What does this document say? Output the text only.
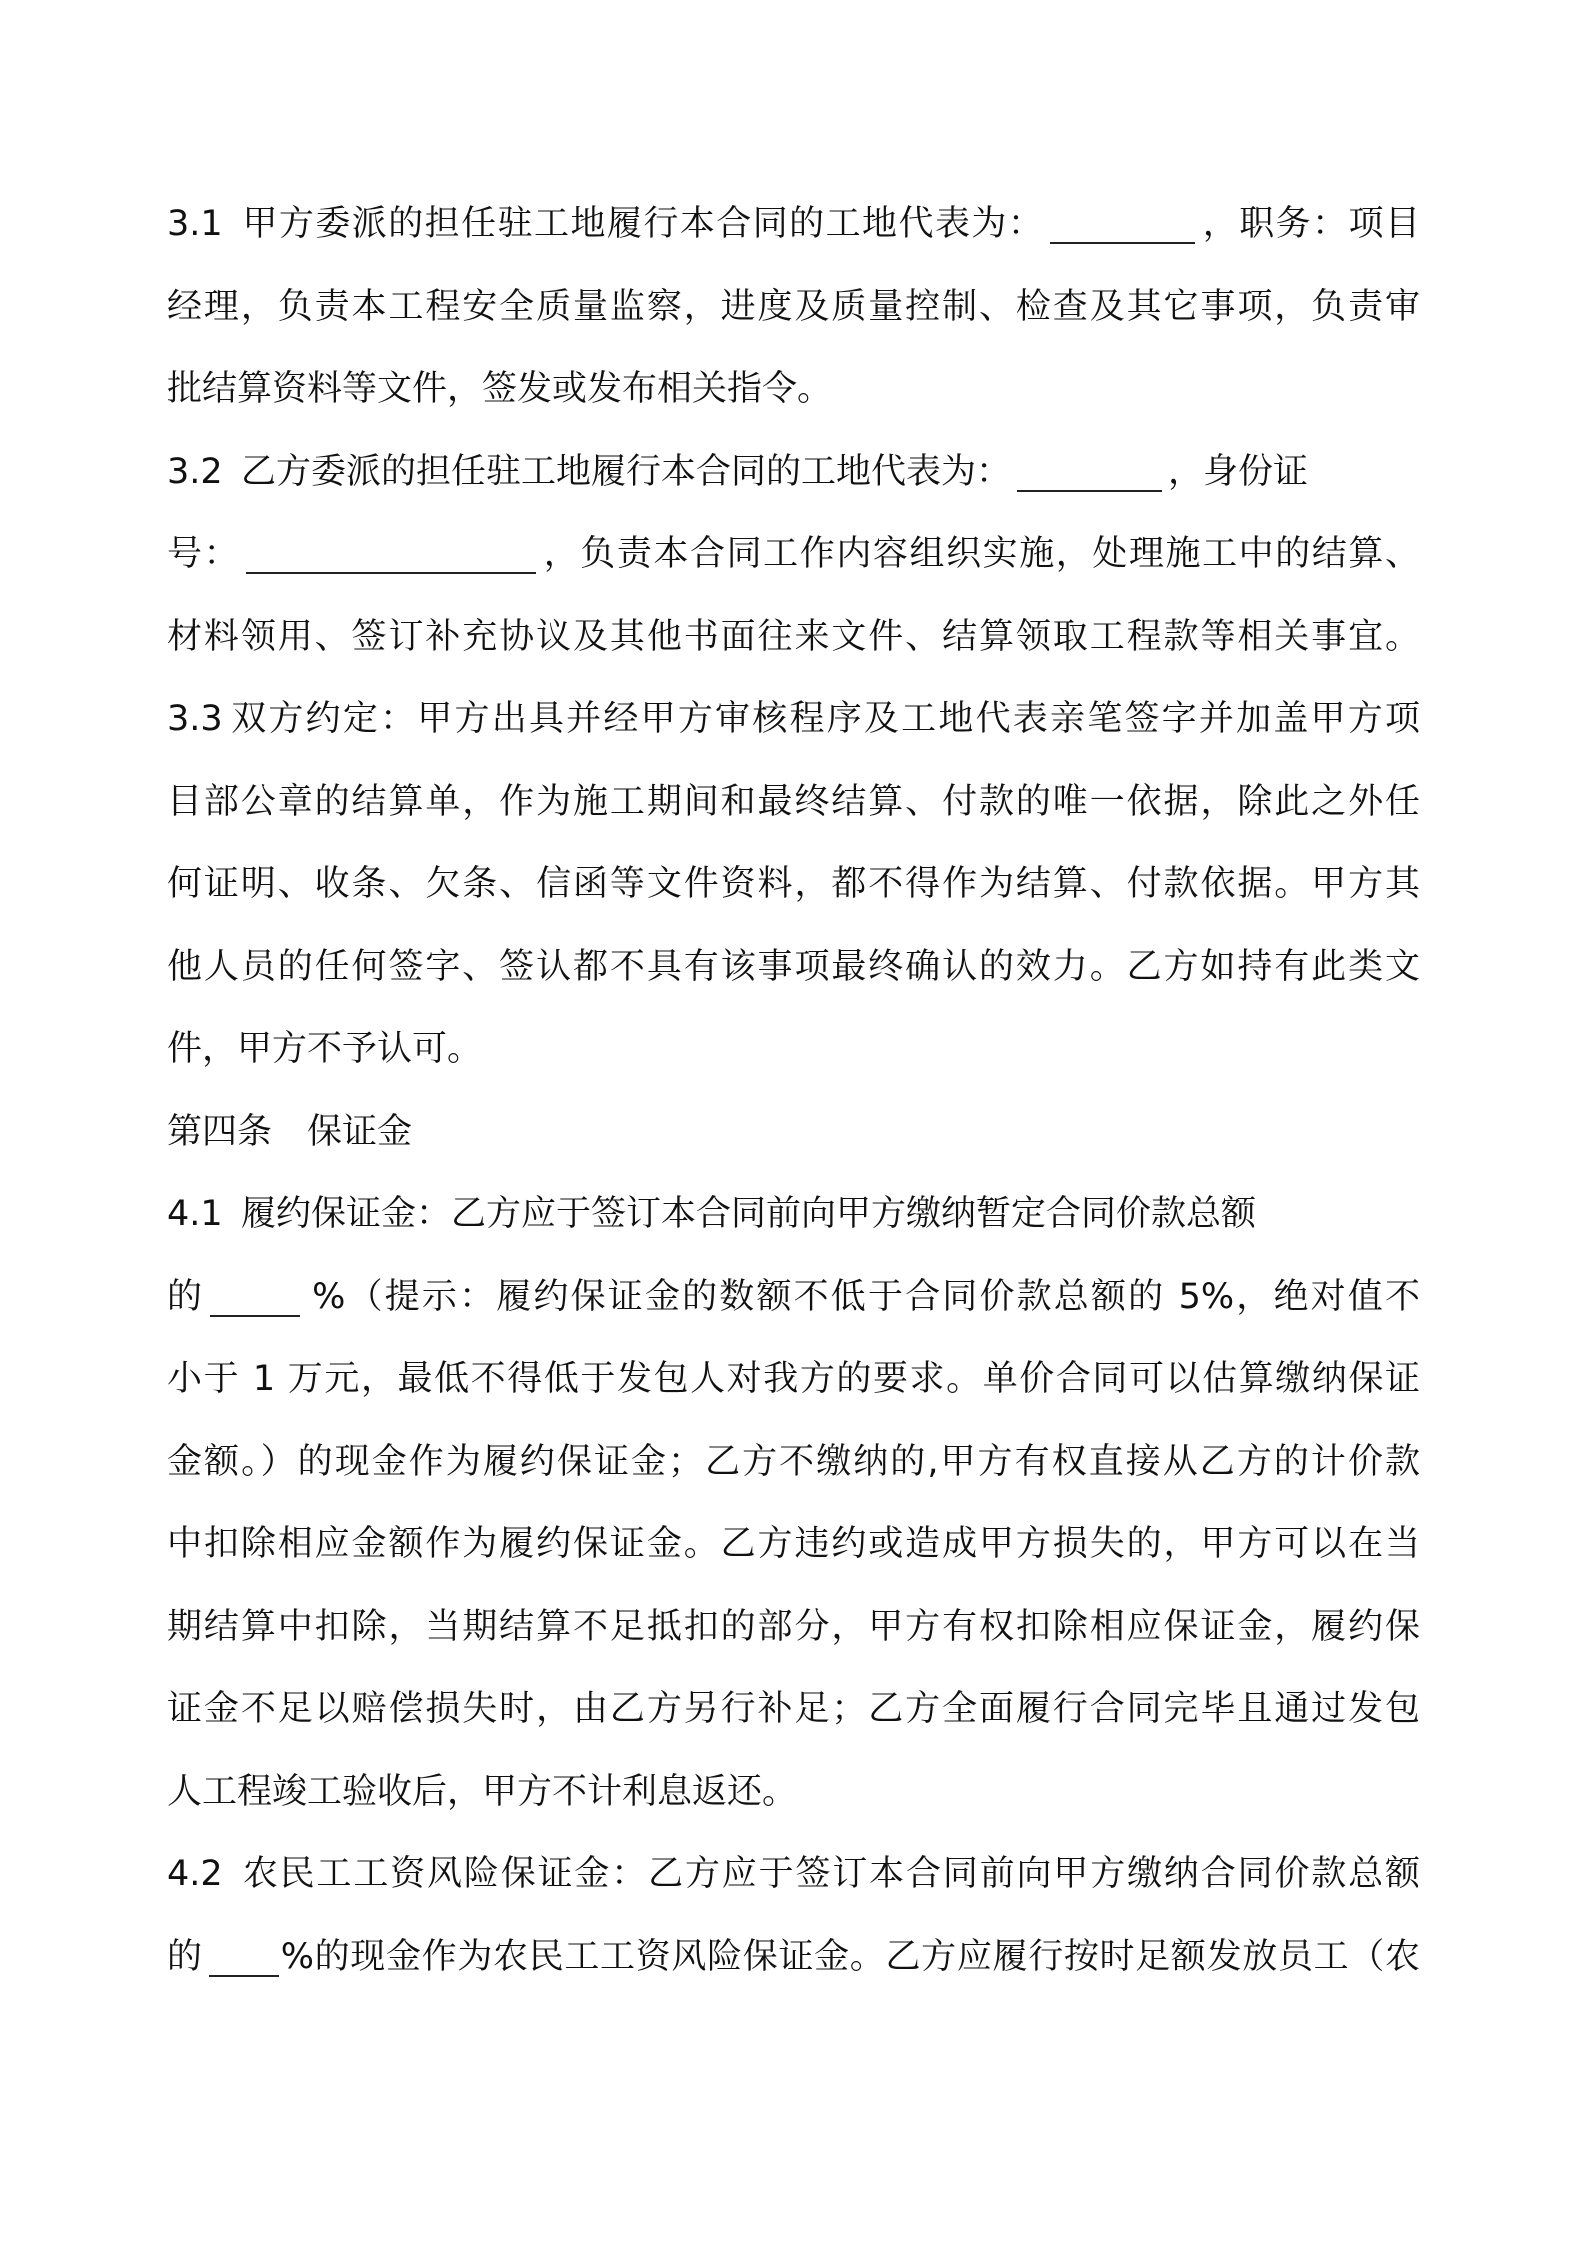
3.1 甲方委派的担任驻工地履行本合同的工地代表为：	，职务：项目
经理，负责本工程安全质量监察，进度及质量控制、检查及其它事项，负责审
批结算资料等文件，签发或发布相关指令。
3.2 乙方委派的担任驻工地履行本合同的工地代表为：	，身份证
号：	，负责本合同工作内容组织实施，处理施工中的结算、
材料领用、签订补充协议及其他书面往来文件、结算领取工程款等相关事宜。
3.3 双方约定：甲方出具并经甲方审核程序及工地代表亲笔签字并加盖甲方项
目部公章的结算单，作为施工期间和最终结算、付款的唯一依据，除此之外任
何证明、收条、欠条、信函等文件资料，都不得作为结算、付款依据。甲方其
他人员的任何签字、签认都不具有该事项最终确认的效力。乙方如持有此类文
件，甲方不予认可。
第四条　保证金
4.1 履约保证金：乙方应于签订本合同前向甲方缴纳暂定合同价款总额
的	%（提示：履约保证金的数额不低于合同价款总额的 5%，绝对值不
小于 1 万元，最低不得低于发包人对我方的要求。单价合同可以估算缴纳保证
金额。）的现金作为履约保证金；乙方不缴纳的,甲方有权直接从乙方的计价款
中扣除相应金额作为履约保证金。乙方违约或造成甲方损失的，甲方可以在当
期结算中扣除，当期结算不足抵扣的部分，甲方有权扣除相应保证金，履约保
证金不足以赔偿损失时，由乙方另行补足；乙方全面履行合同完毕且通过发包
人工程竣工验收后，甲方不计利息返还。
4.2 农民工工资风险保证金：乙方应于签订本合同前向甲方缴纳合同价款总额
的 %的现金作为农民工工资风险保证金。乙方应履行按时足额发放员工（农
